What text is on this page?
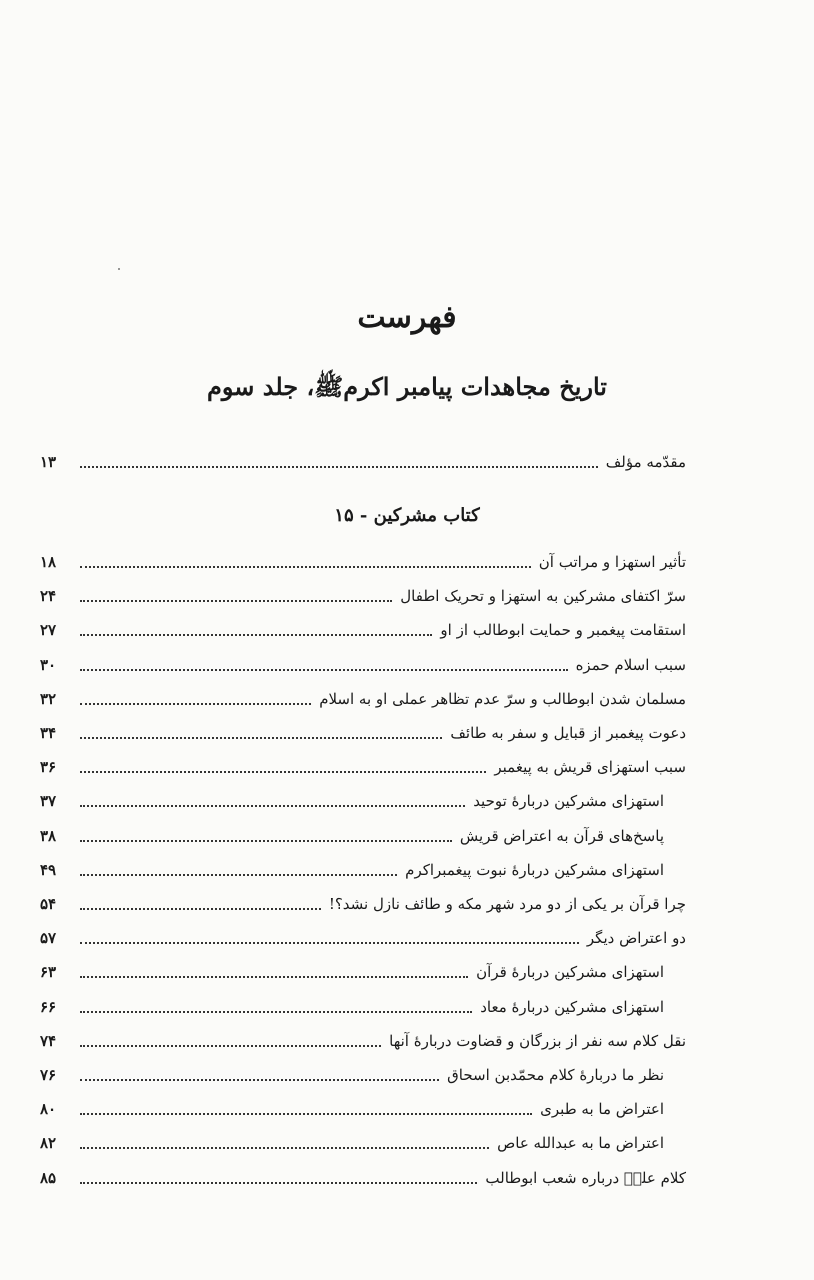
فهرست
تاریخ مجاهدات پیامبر اکرمﷺ، جلد سوم
مقدّمه مؤلف
۱۳
کتاب مشرکین - ۱۵
تأثیر استهزا و مراتب آن
۱۸
سرّ اکتفای مشرکین به استهزا و تحریک اطفال
۲۴
استقامت پیغمبر و حمایت ابوطالب از او
۲۷
سبب اسلام حمزه
۳۰
مسلمان شدن ابوطالب و سرّ عدم تظاهر عملی او به اسلام
۳۲
دعوت پیغمبر از قبایل و سفر به طائف
۳۴
سبب استهزای قریش به پیغمبر
۳۶
استهزای مشرکین دربارهٔ توحید
۳۷
پاسخ‌های قرآن به اعتراض قریش
۳۸
استهزای مشرکین دربارهٔ نبوت پیغمبراکرم
۴۹
چرا قرآن بر یکی از دو مرد شهر مکه و طائف نازل نشد؟!
۵۴
دو اعتراض دیگر
۵۷
استهزای مشرکین دربارهٔ قرآن
۶۳
استهزای مشرکین دربارهٔ معاد
۶۶
نقل کلام سه نفر از بزرگان و قضاوت دربارهٔ آنها
۷۴
نظر ما دربارهٔ کلام محمّدبن اسحاق
۷۶
اعتراض ما به طبری
۸۰
اعتراض ما به عبدالله عاص
۸۲
کلام علیؑ درباره شعب ابوطالب
۸۵
